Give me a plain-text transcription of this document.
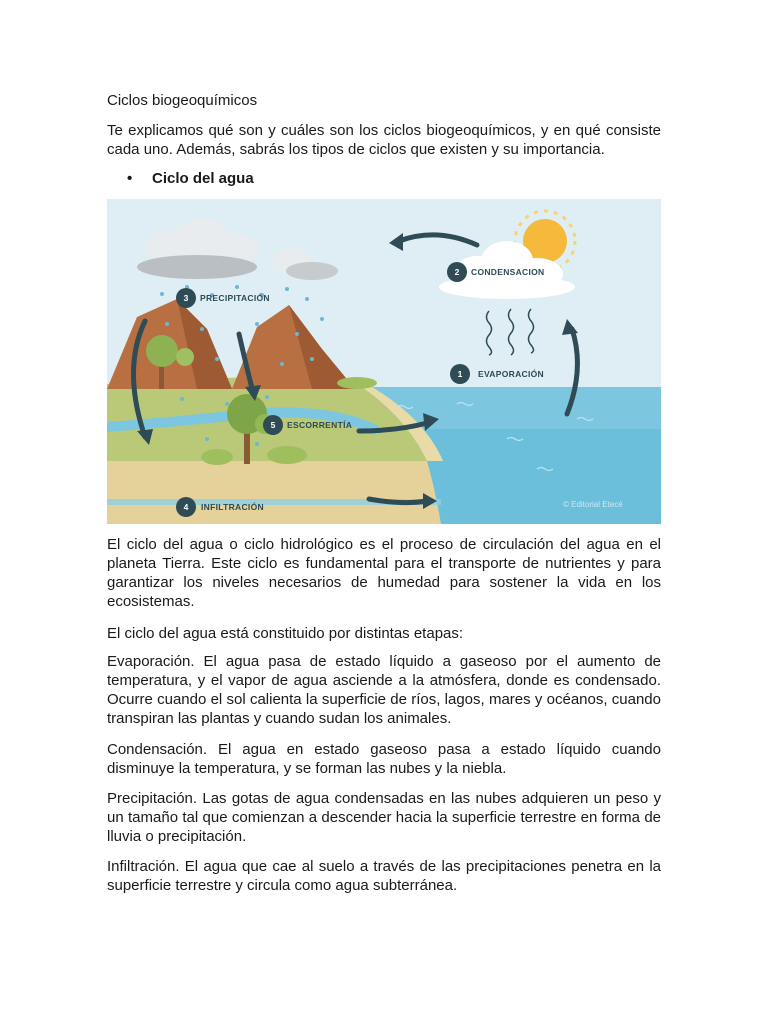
Ciclos biogeoquímicos

Te explicamos qué son y cuáles son los ciclos biogeoquímicos, y en qué consiste cada uno. Además, sabrás los tipos de ciclos que existen y su importancia.

• Ciclo del agua
2 CONDENSACION
3 PRECIPITACIÓN
1 EVAPORACIÓN
5 ESCORRENTÍA
4 INFILTRACIÓN	© Editorial Etecé

El ciclo del agua o ciclo hidrológico es el proceso de circulación del agua en el planeta Tierra. Este ciclo es fundamental para el transporte de nutrientes y para garantizar los niveles necesarios de humedad para sostener la vida en los ecosistemas.

El ciclo del agua está constituido por distintas etapas:

Evaporación. El agua pasa de estado líquido a gaseoso por el aumento de temperatura, y el vapor de agua asciende a la atmósfera, donde es condensado. Ocurre cuando el sol calienta la superficie de ríos, lagos, mares y océanos, cuando transpiran las plantas y cuando sudan los animales.

Condensación. El agua en estado gaseoso pasa a estado líquido cuando disminuye la temperatura, y se forman las nubes y la niebla.

Precipitación. Las gotas de agua condensadas en las nubes adquieren un peso y un tamaño tal que comienzan a descender hacia la superficie terrestre en forma de lluvia o precipitación.

Infiltración. El agua que cae al suelo a través de las precipitaciones penetra en la superficie terrestre y circula como agua subterránea.
